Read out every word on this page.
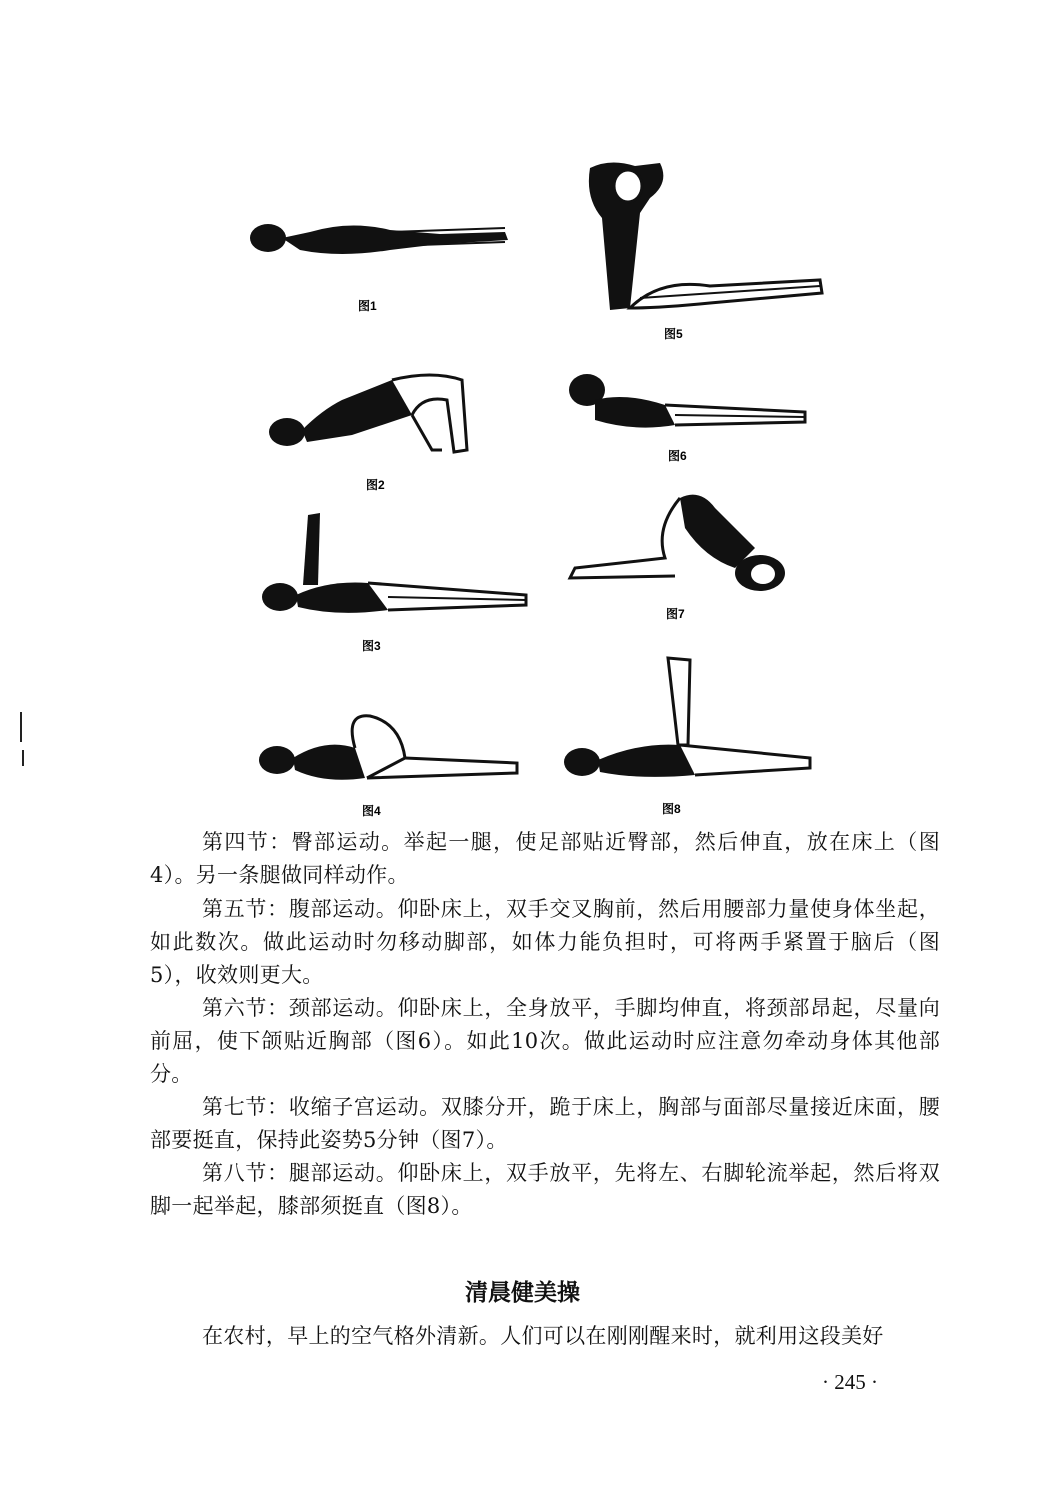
图1
图5
图2
图6
图3
图7
图4	图8

第四节：臀部运动。举起一腿，使足部贴近臀部，然后伸直，放在床上（图4）。另一条腿做同样动作。

第五节：腹部运动。仰卧床上，双手交叉胸前，然后用腰部力量使身体坐起，如此数次。做此运动时勿移动脚部，如体力能负担时，可将两手紧置于脑后（图5），收效则更大。

第六节：颈部运动。仰卧床上，全身放平，手脚均伸直，将颈部昂起，尽量向前屈，使下颌贴近胸部（图6）。如此10次。做此运动时应注意勿牵动身体其他部分。

第七节：收缩子宫运动。双膝分开，跪于床上，胸部与面部尽量接近床面，腰部要挺直，保持此姿势5分钟（图7）。

第八节：腿部运动。仰卧床上，双手放平，先将左、右脚轮流举起，然后将双脚一起举起，膝部须挺直（图8）。

清晨健美操

在农村，早上的空气格外清新。人们可以在刚刚醒来时，就利用这段美好

· 245 ·
